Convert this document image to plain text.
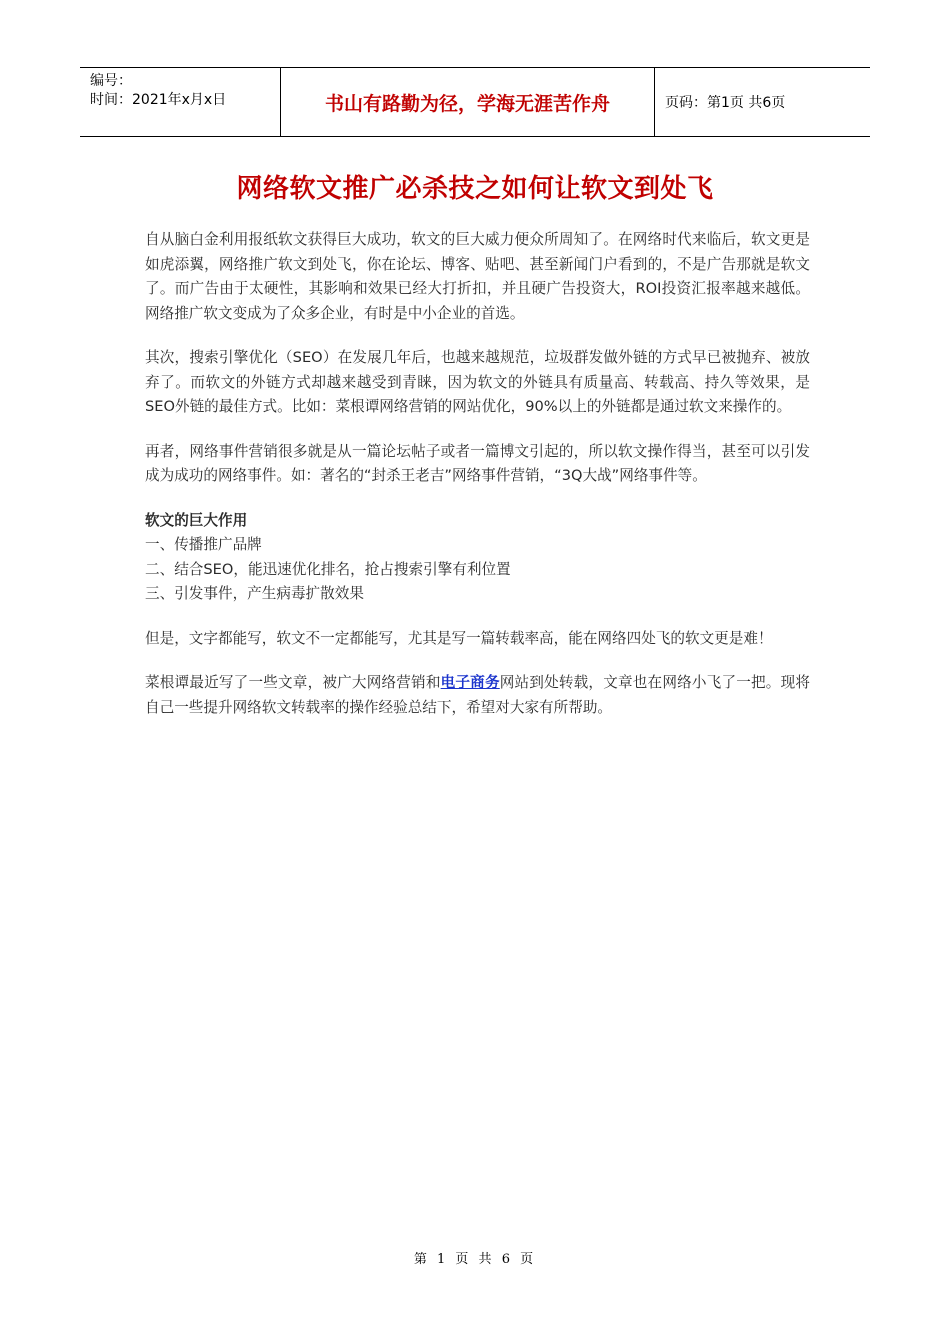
编号：
时间：2021年x月x日	书山有路勤为径，学海无涯苦作舟	页码：第1页 共6页
网络软文推广必杀技之如何让软文到处飞

自从脑白金利用报纸软文获得巨大成功，软文的巨大威力便众所周知了。在网络时代来临后，软文更是如虎添翼，网络推广软文到处飞，你在论坛、博客、贴吧、甚至新闻门户看到的，不是广告那就是软文了。而广告由于太硬性，其影响和效果已经大打折扣，并且硬广告投资大，ROI投资汇报率越来越低。网络推广软文变成为了众多企业，有时是中小企业的首选。

其次，搜索引擎优化（SEO）在发展几年后，也越来越规范，垃圾群发做外链的方式早已被抛弃、被放弃了。而软文的外链方式却越来越受到青睐，因为软文的外链具有质量高、转载高、持久等效果，是SEO外链的最佳方式。比如：菜根谭网络营销的网站优化，90%以上的外链都是通过软文来操作的。

再者，网络事件营销很多就是从一篇论坛帖子或者一篇博文引起的，所以软文操作得当，甚至可以引发成为成功的网络事件。如：著名的“封杀王老吉”网络事件营销，“3Q大战”网络事件等。

软文的巨大作用
一、传播推广品牌
二、结合SEO，能迅速优化排名，抢占搜索引擎有利位置
三、引发事件，产生病毒扩散效果

但是，文字都能写，软文不一定都能写，尤其是写一篇转载率高，能在网络四处飞的软文更是难！

菜根谭最近写了一些文章，被广大网络营销和电子商务网站到处转载，文章也在网络小飞了一把。现将自己一些提升网络软文转载率的操作经验总结下，希望对大家有所帮助。

第 1 页 共 6 页
